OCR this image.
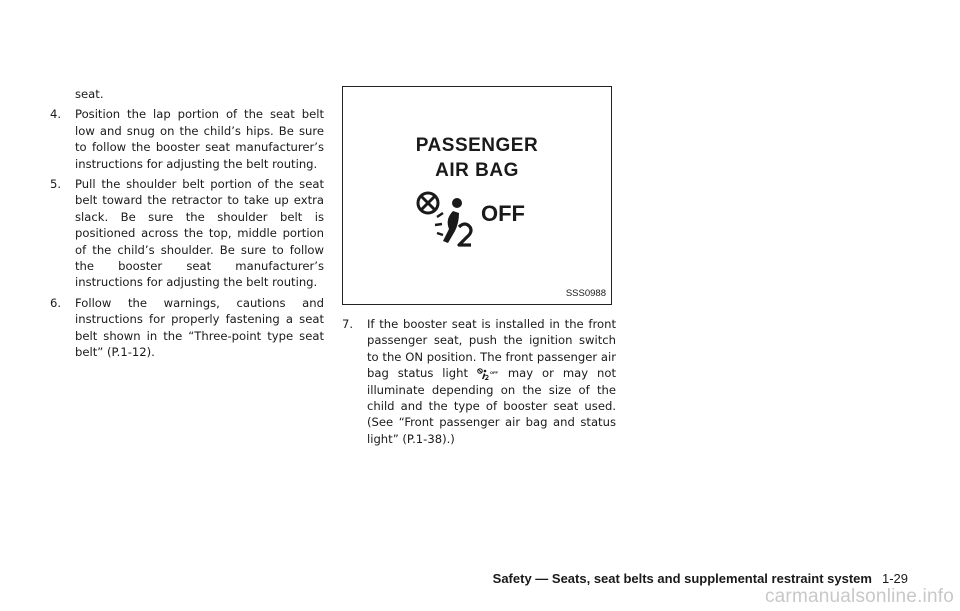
seat.
4. Position the lap portion of the seat belt low and snug on the child’s hips. Be sure to follow the booster seat manufacturer’s instructions for adjusting the belt routing.
5. Pull the shoulder belt portion of the seat belt toward the retractor to take up extra slack. Be sure the shoulder belt is positioned across the top, middle portion of the child’s shoulder. Be sure to follow the booster seat manufacturer’s instructions for adjusting the belt routing.
6. Follow the warnings, cautions and instructions for properly fastening a seat belt shown in the “Three-point type seat belt” (P.1-12).
PASSENGER
AIR BAG
OFF
SSS0988
7. If the booster seat is installed in the front passenger seat, push the ignition switch to the ON position. The front passenger air bag status light	OFF may or may not illuminate depending on the size of the child and the type of booster seat used. (See “Front passenger air bag and status light” (P.1-38).)
Safety — Seats, seat belts and supplemental restraint system 1-29
carmanualsonline.info
